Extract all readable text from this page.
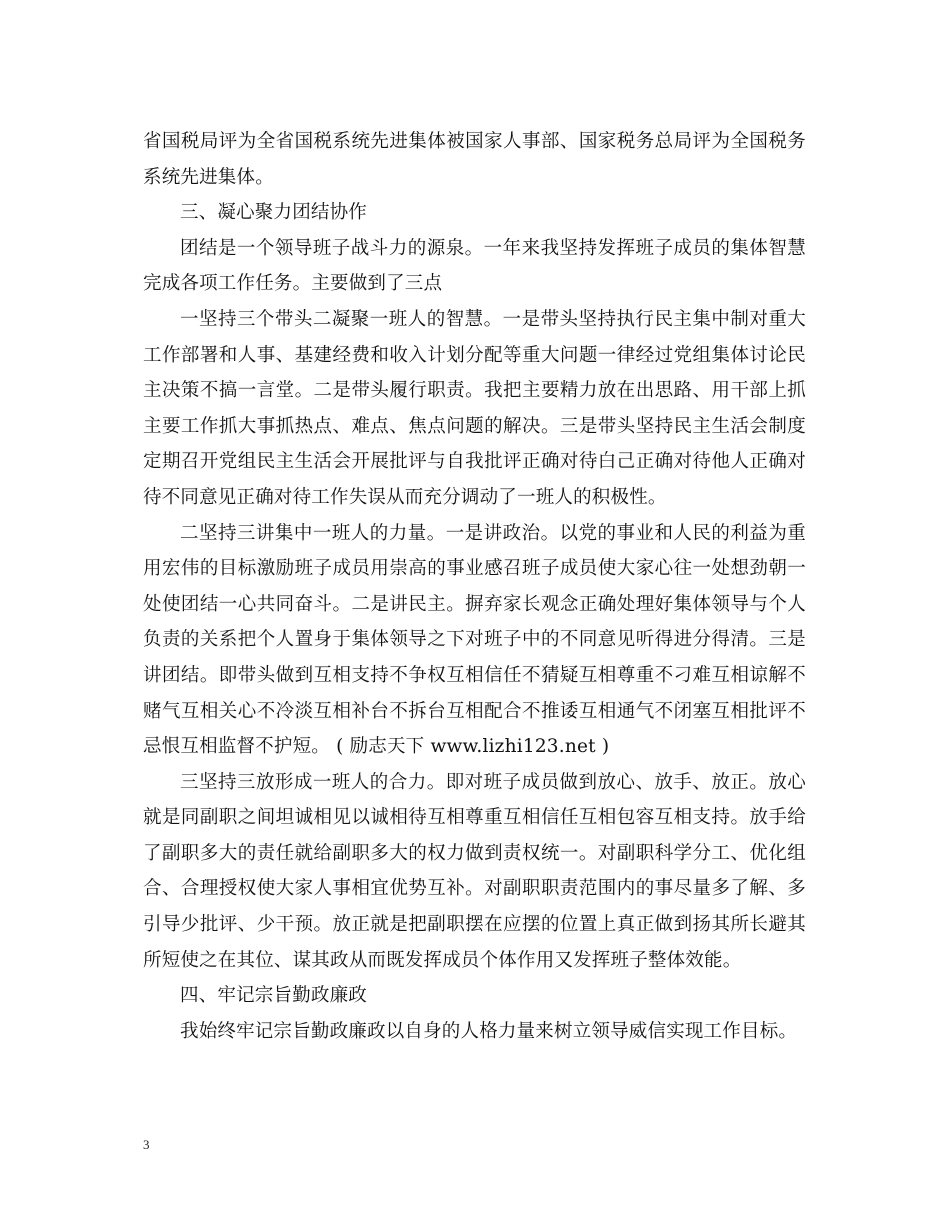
省国税局评为全省国税系统先进集体被国家人事部、国家税务总局评为全国税务系统先进集体。

三、凝心聚力团结协作

团结是一个领导班子战斗力的源泉。一年来我坚持发挥班子成员的集体智慧完成各项工作任务。主要做到了三点

一坚持三个带头二凝聚一班人的智慧。一是带头坚持执行民主集中制对重大工作部署和人事、基建经费和收入计划分配等重大问题一律经过党组集体讨论民主决策不搞一言堂。二是带头履行职责。我把主要精力放在出思路、用干部上抓主要工作抓大事抓热点、难点、焦点问题的解决。三是带头坚持民主生活会制度定期召开党组民主生活会开展批评与自我批评正确对待白己正确对待他人正确对待不同意见正确对待工作失误从而充分调动了一班人的积极性。

二坚持三讲集中一班人的力量。一是讲政治。以党的事业和人民的利益为重用宏伟的目标激励班子成员用崇高的事业感召班子成员使大家心往一处想劲朝一处使团结一心共同奋斗。二是讲民主。摒弃家长观念正确处理好集体领导与个人负责的关系把个人置身于集体领导之下对班子中的不同意见听得进分得清。三是讲团结。即带头做到互相支持不争权互相信任不猜疑互相尊重不刁难互相谅解不赌气互相关心不冷淡互相补台不拆台互相配合不推诿互相通气不闭塞互相批评不忌恨互相监督不护短。 ( 励志天下 www.lizhi123.net )

三坚持三放形成一班人的合力。即对班子成员做到放心、放手、放正。放心就是同副职之间坦诚相见以诚相待互相尊重互相信任互相包容互相支持。放手给了副职多大的责任就给副职多大的权力做到责权统一。对副职科学分工、优化组合、合理授权使大家人事相宜优势互补。对副职职责范围内的事尽量多了解、多引导少批评、少干预。放正就是把副职摆在应摆的位置上真正做到扬其所长避其所短使之在其位、谋其政从而既发挥成员个体作用又发挥班子整体效能。

四、牢记宗旨勤政廉政

我始终牢记宗旨勤政廉政以自身的人格力量来树立领导威信实现工作目标。

3
